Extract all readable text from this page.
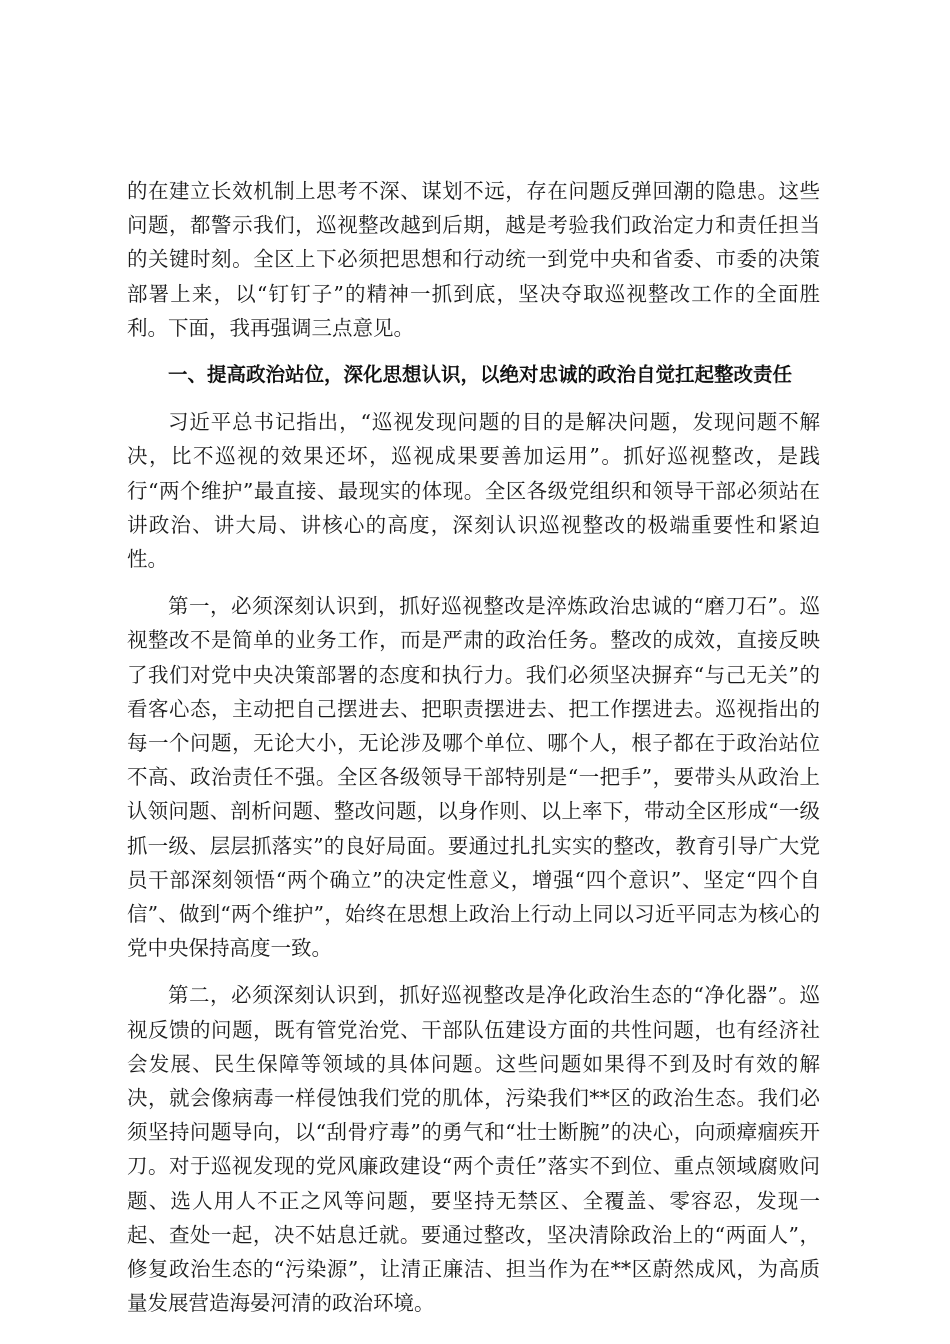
的在建立长效机制上思考不深、谋划不远，存在问题反弹回潮的隐患。这些问题，都警示我们，巡视整改越到后期，越是考验我们政治定力和责任担当的关键时刻。全区上下必须把思想和行动统一到党中央和省委、市委的决策部署上来，以“钉钉子”的精神一抓到底，坚决夺取巡视整改工作的全面胜利。下面，我再强调三点意见。

一、提高政治站位，深化思想认识，以绝对忠诚的政治自觉扛起整改责任

习近平总书记指出，“巡视发现问题的目的是解决问题，发现问题不解决，比不巡视的效果还坏，巡视成果要善加运用”。抓好巡视整改，是践行“两个维护”最直接、最现实的体现。全区各级党组织和领导干部必须站在讲政治、讲大局、讲核心的高度，深刻认识巡视整改的极端重要性和紧迫性。

第一，必须深刻认识到，抓好巡视整改是淬炼政治忠诚的“磨刀石”。巡视整改不是简单的业务工作，而是严肃的政治任务。整改的成效，直接反映了我们对党中央决策部署的态度和执行力。我们必须坚决摒弃“与己无关”的看客心态，主动把自己摆进去、把职责摆进去、把工作摆进去。巡视指出的每一个问题，无论大小，无论涉及哪个单位、哪个人，根子都在于政治站位不高、政治责任不强。全区各级领导干部特别是“一把手”，要带头从政治上认领问题、剖析问题、整改问题，以身作则、以上率下，带动全区形成“一级抓一级、层层抓落实”的良好局面。要通过扎扎实实的整改，教育引导广大党员干部深刻领悟“两个确立”的决定性意义，增强“四个意识”、坚定“四个自信”、做到“两个维护”，始终在思想上政治上行动上同以习近平同志为核心的党中央保持高度一致。

第二，必须深刻认识到，抓好巡视整改是净化政治生态的“净化器”。巡视反馈的问题，既有管党治党、干部队伍建设方面的共性问题，也有经济社会发展、民生保障等领域的具体问题。这些问题如果得不到及时有效的解决，就会像病毒一样侵蚀我们党的肌体，污染我们**区的政治生态。我们必须坚持问题导向，以“刮骨疗毒”的勇气和“壮士断腕”的决心，向顽瘴痼疾开刀。对于巡视发现的党风廉政建设“两个责任”落实不到位、重点领域腐败问题、选人用人不正之风等问题，要坚持无禁区、全覆盖、零容忍，发现一起、查处一起，决不姑息迁就。要通过整改，坚决清除政治上的“两面人”，修复政治生态的“污染源”，让清正廉洁、担当作为在**区蔚然成风，为高质量发展营造海晏河清的政治环境。
